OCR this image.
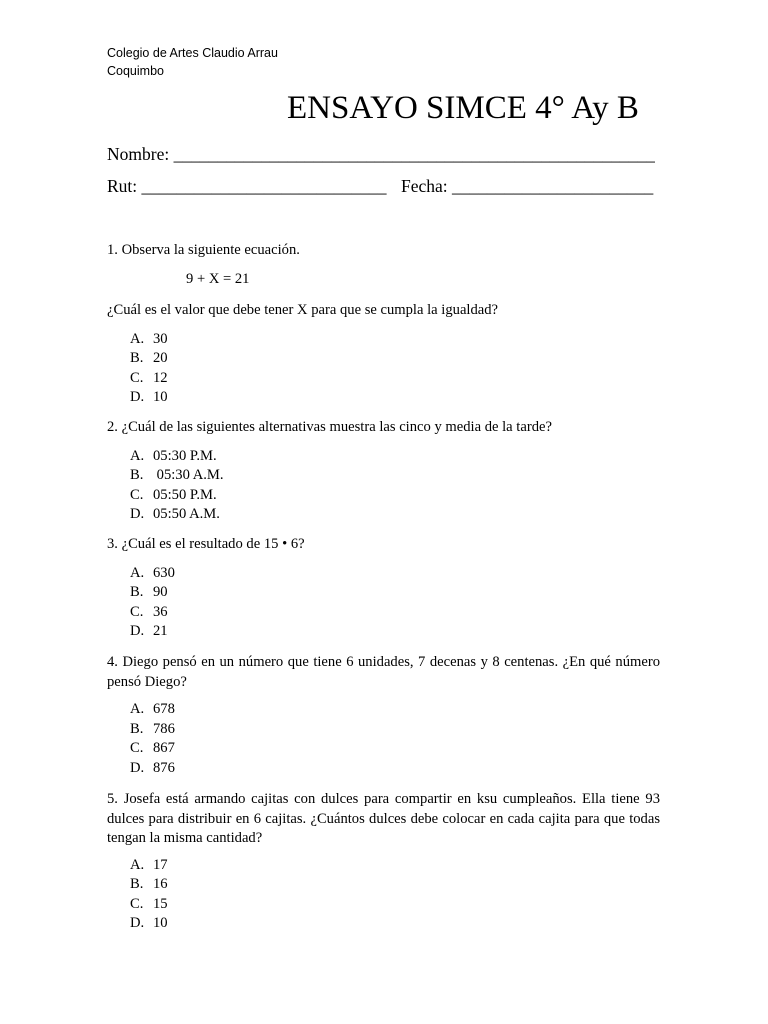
Colegio de Artes Claudio Arrau
Coquimbo
ENSAYO SIMCE 4° Ay B
Nombre: _______________________________________________________
Rut: ____________________________ Fecha: _______________________
1. Observa la siguiente ecuación.
9 + X = 21
¿Cuál es el valor que debe tener X para que se cumpla la igualdad?
A. 30
B. 20
C. 12
D. 10
2. ¿Cuál de las siguientes alternativas muestra las cinco y media de la tarde?
A. 05:30 P.M.
B. 05:30 A.M.
C. 05:50 P.M.
D. 05:50 A.M.
3. ¿Cuál es el resultado de 15 • 6?
A. 630
B. 90
C. 36
D. 21
4. Diego pensó en un número que tiene 6 unidades, 7 decenas y 8 centenas. ¿En qué número pensó Diego?
A. 678
B. 786
C. 867
D. 876
5. Josefa está armando cajitas con dulces para compartir en ksu cumpleaños. Ella tiene 93 dulces para distribuir en 6 cajitas. ¿Cuántos dulces debe colocar en cada cajita para que todas tengan la misma cantidad?
A. 17
B. 16
C. 15
D. 10
